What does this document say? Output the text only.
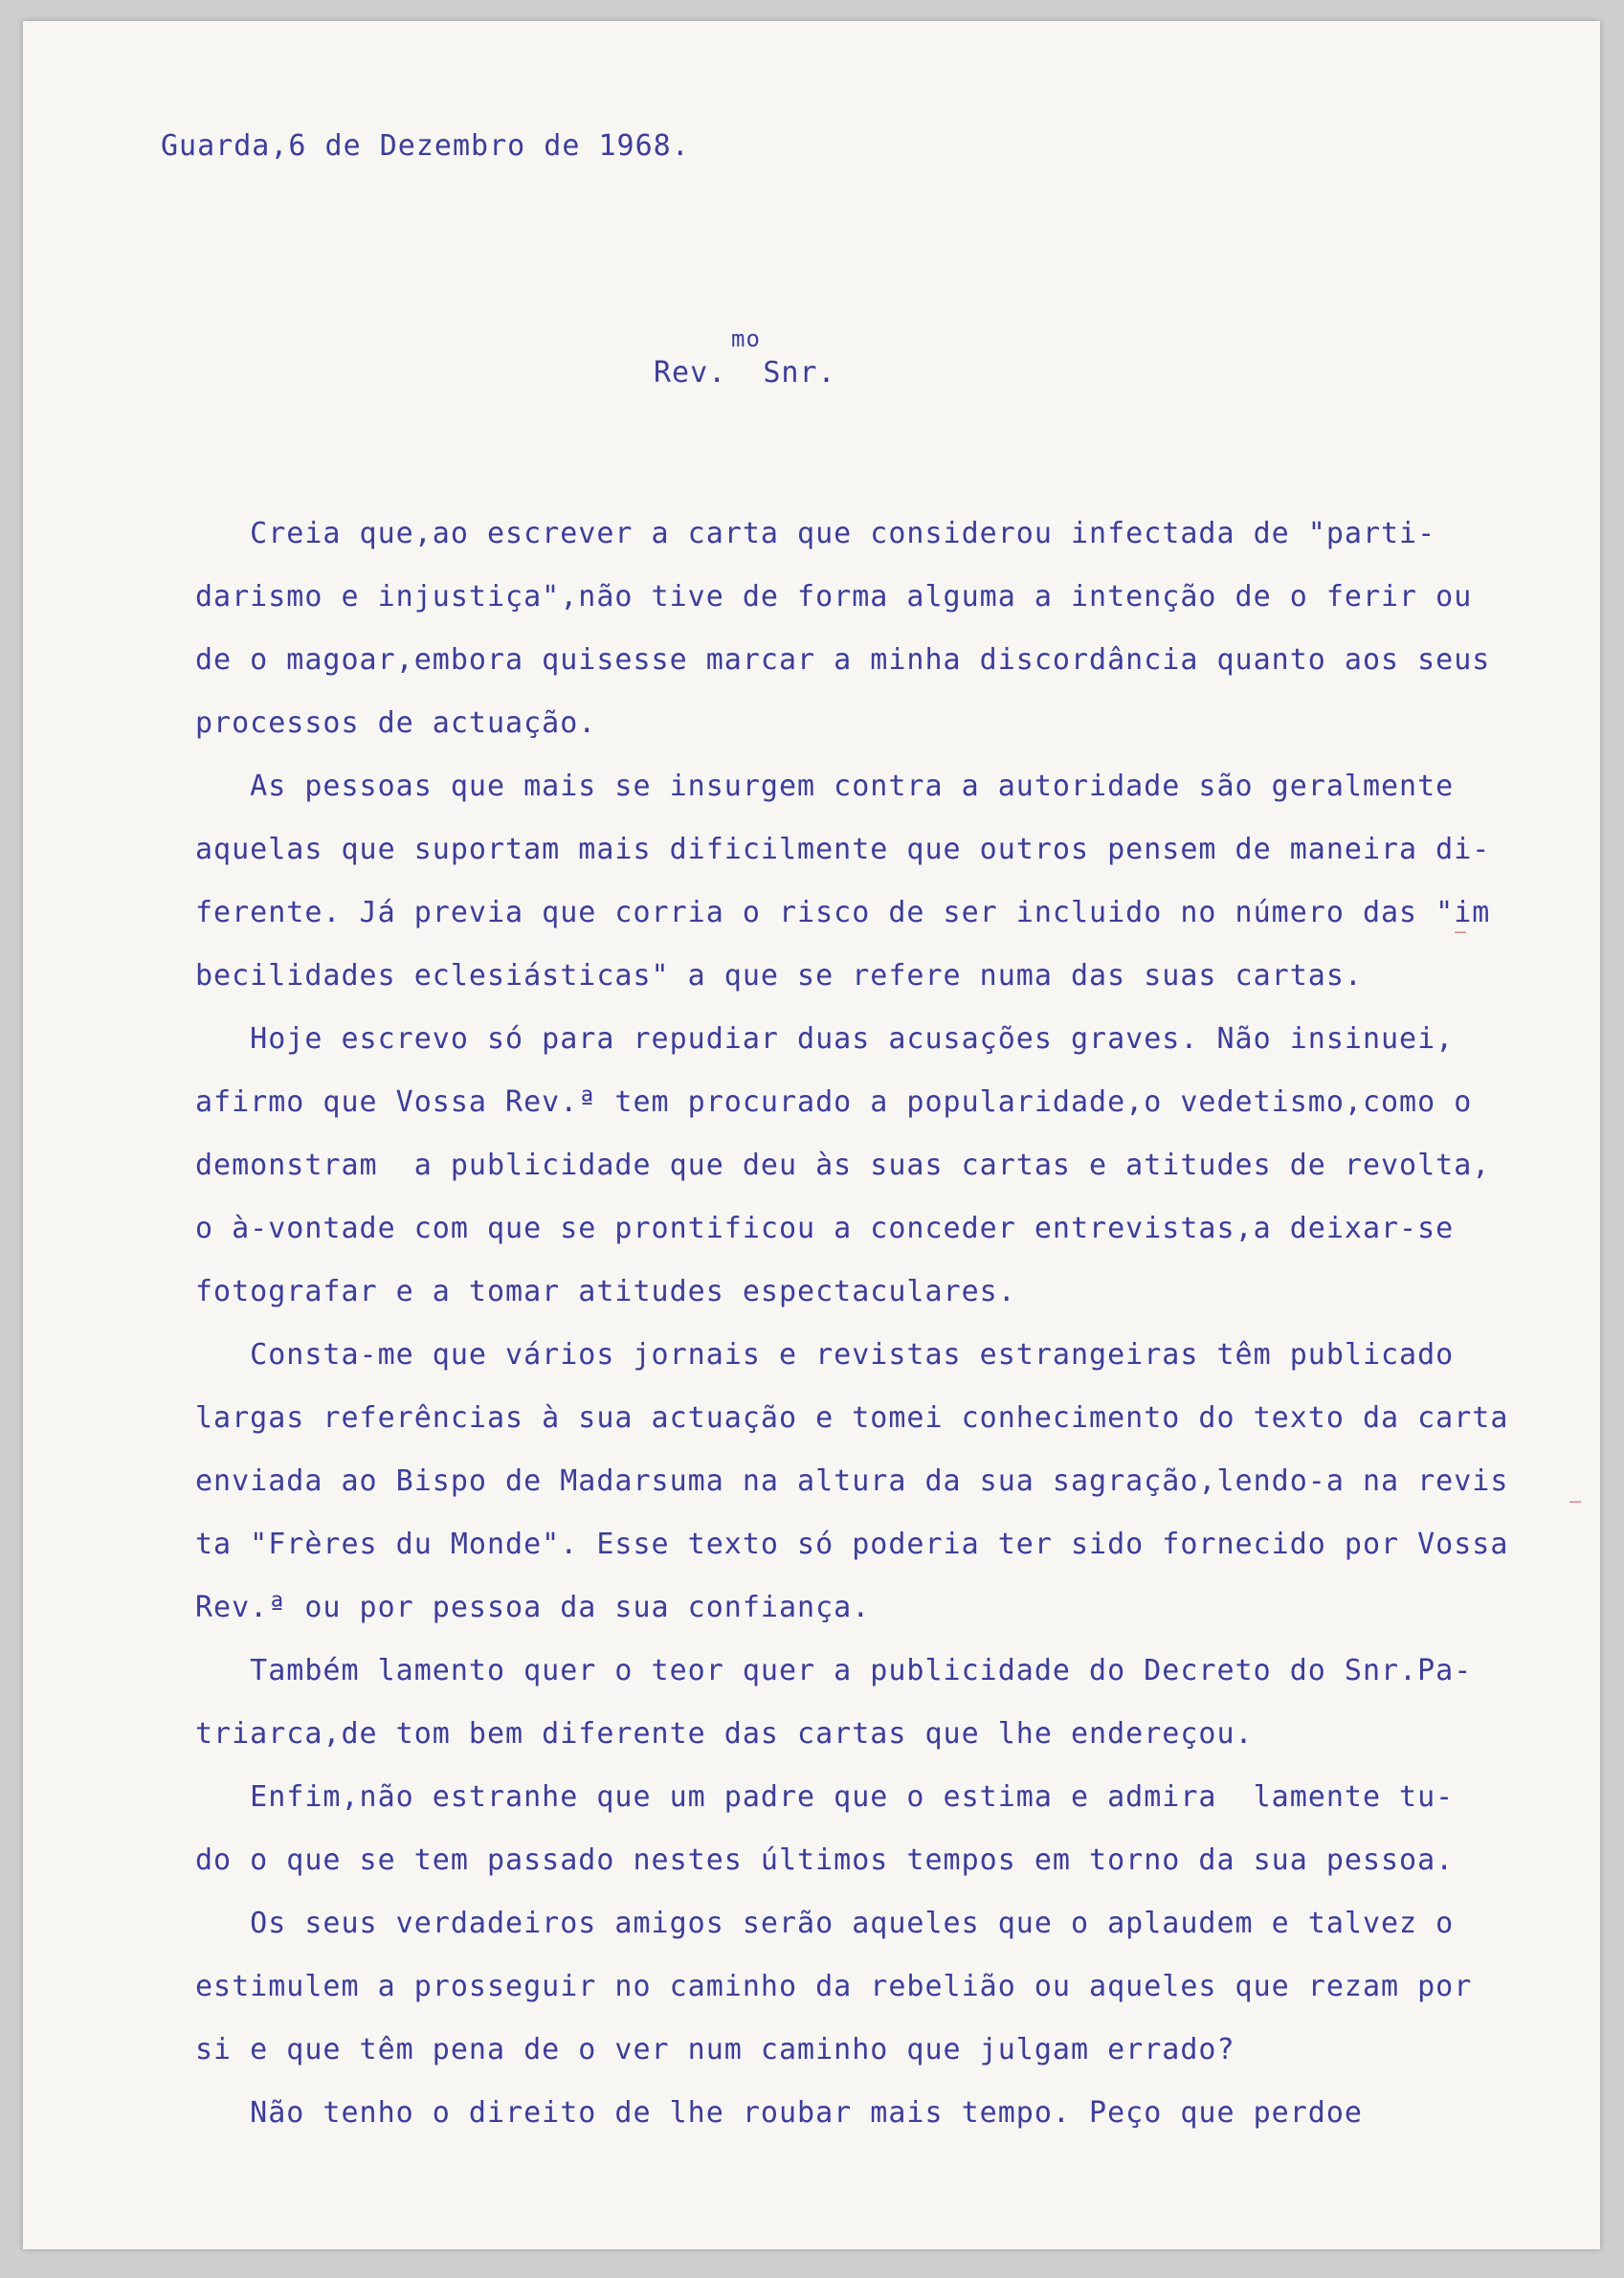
Guarda,6 de Dezembro de 1968.
mo
Rev.  Snr.
Creia que,ao escrever a carta que considerou infectada de "parti-
darismo e injustiça",não tive de forma alguma a intenção de o ferir ou
de o magoar,embora quisesse marcar a minha discordância quanto aos seus
processos de actuação.
As pessoas que mais se insurgem contra a autoridade são geralmente
aquelas que suportam mais dificilmente que outros pensem de maneira di-
ferente. Já previa que corria o risco de ser incluido no número das "im
becilidades eclesiásticas" a que se refere numa das suas cartas.
Hoje escrevo só para repudiar duas acusações graves. Não insinuei,
afirmo que Vossa Rev.ª tem procurado a popularidade,o vedetismo,como o
demonstram  a publicidade que deu às suas cartas e atitudes de revolta,
o à-vontade com que se prontificou a conceder entrevistas,a deixar-se
fotografar e a tomar atitudes espectaculares.
Consta-me que vários jornais e revistas estrangeiras têm publicado
largas referências à sua actuação e tomei conhecimento do texto da carta
enviada ao Bispo de Madarsuma na altura da sua sagração,lendo-a na revis
ta "Frères du Monde". Esse texto só poderia ter sido fornecido por Vossa
Rev.ª ou por pessoa da sua confiança.
Também lamento quer o teor quer a publicidade do Decreto do Snr.Pa-
triarca,de tom bem diferente das cartas que lhe endereçou.
Enfim,não estranhe que um padre que o estima e admira  lamente tu-
do o que se tem passado nestes últimos tempos em torno da sua pessoa.
Os seus verdadeiros amigos serão aqueles que o aplaudem e talvez o
estimulem a prosseguir no caminho da rebelião ou aqueles que rezam por
si e que têm pena de o ver num caminho que julgam errado?
Não tenho o direito de lhe roubar mais tempo. Peço que perdoe
‾
‾
